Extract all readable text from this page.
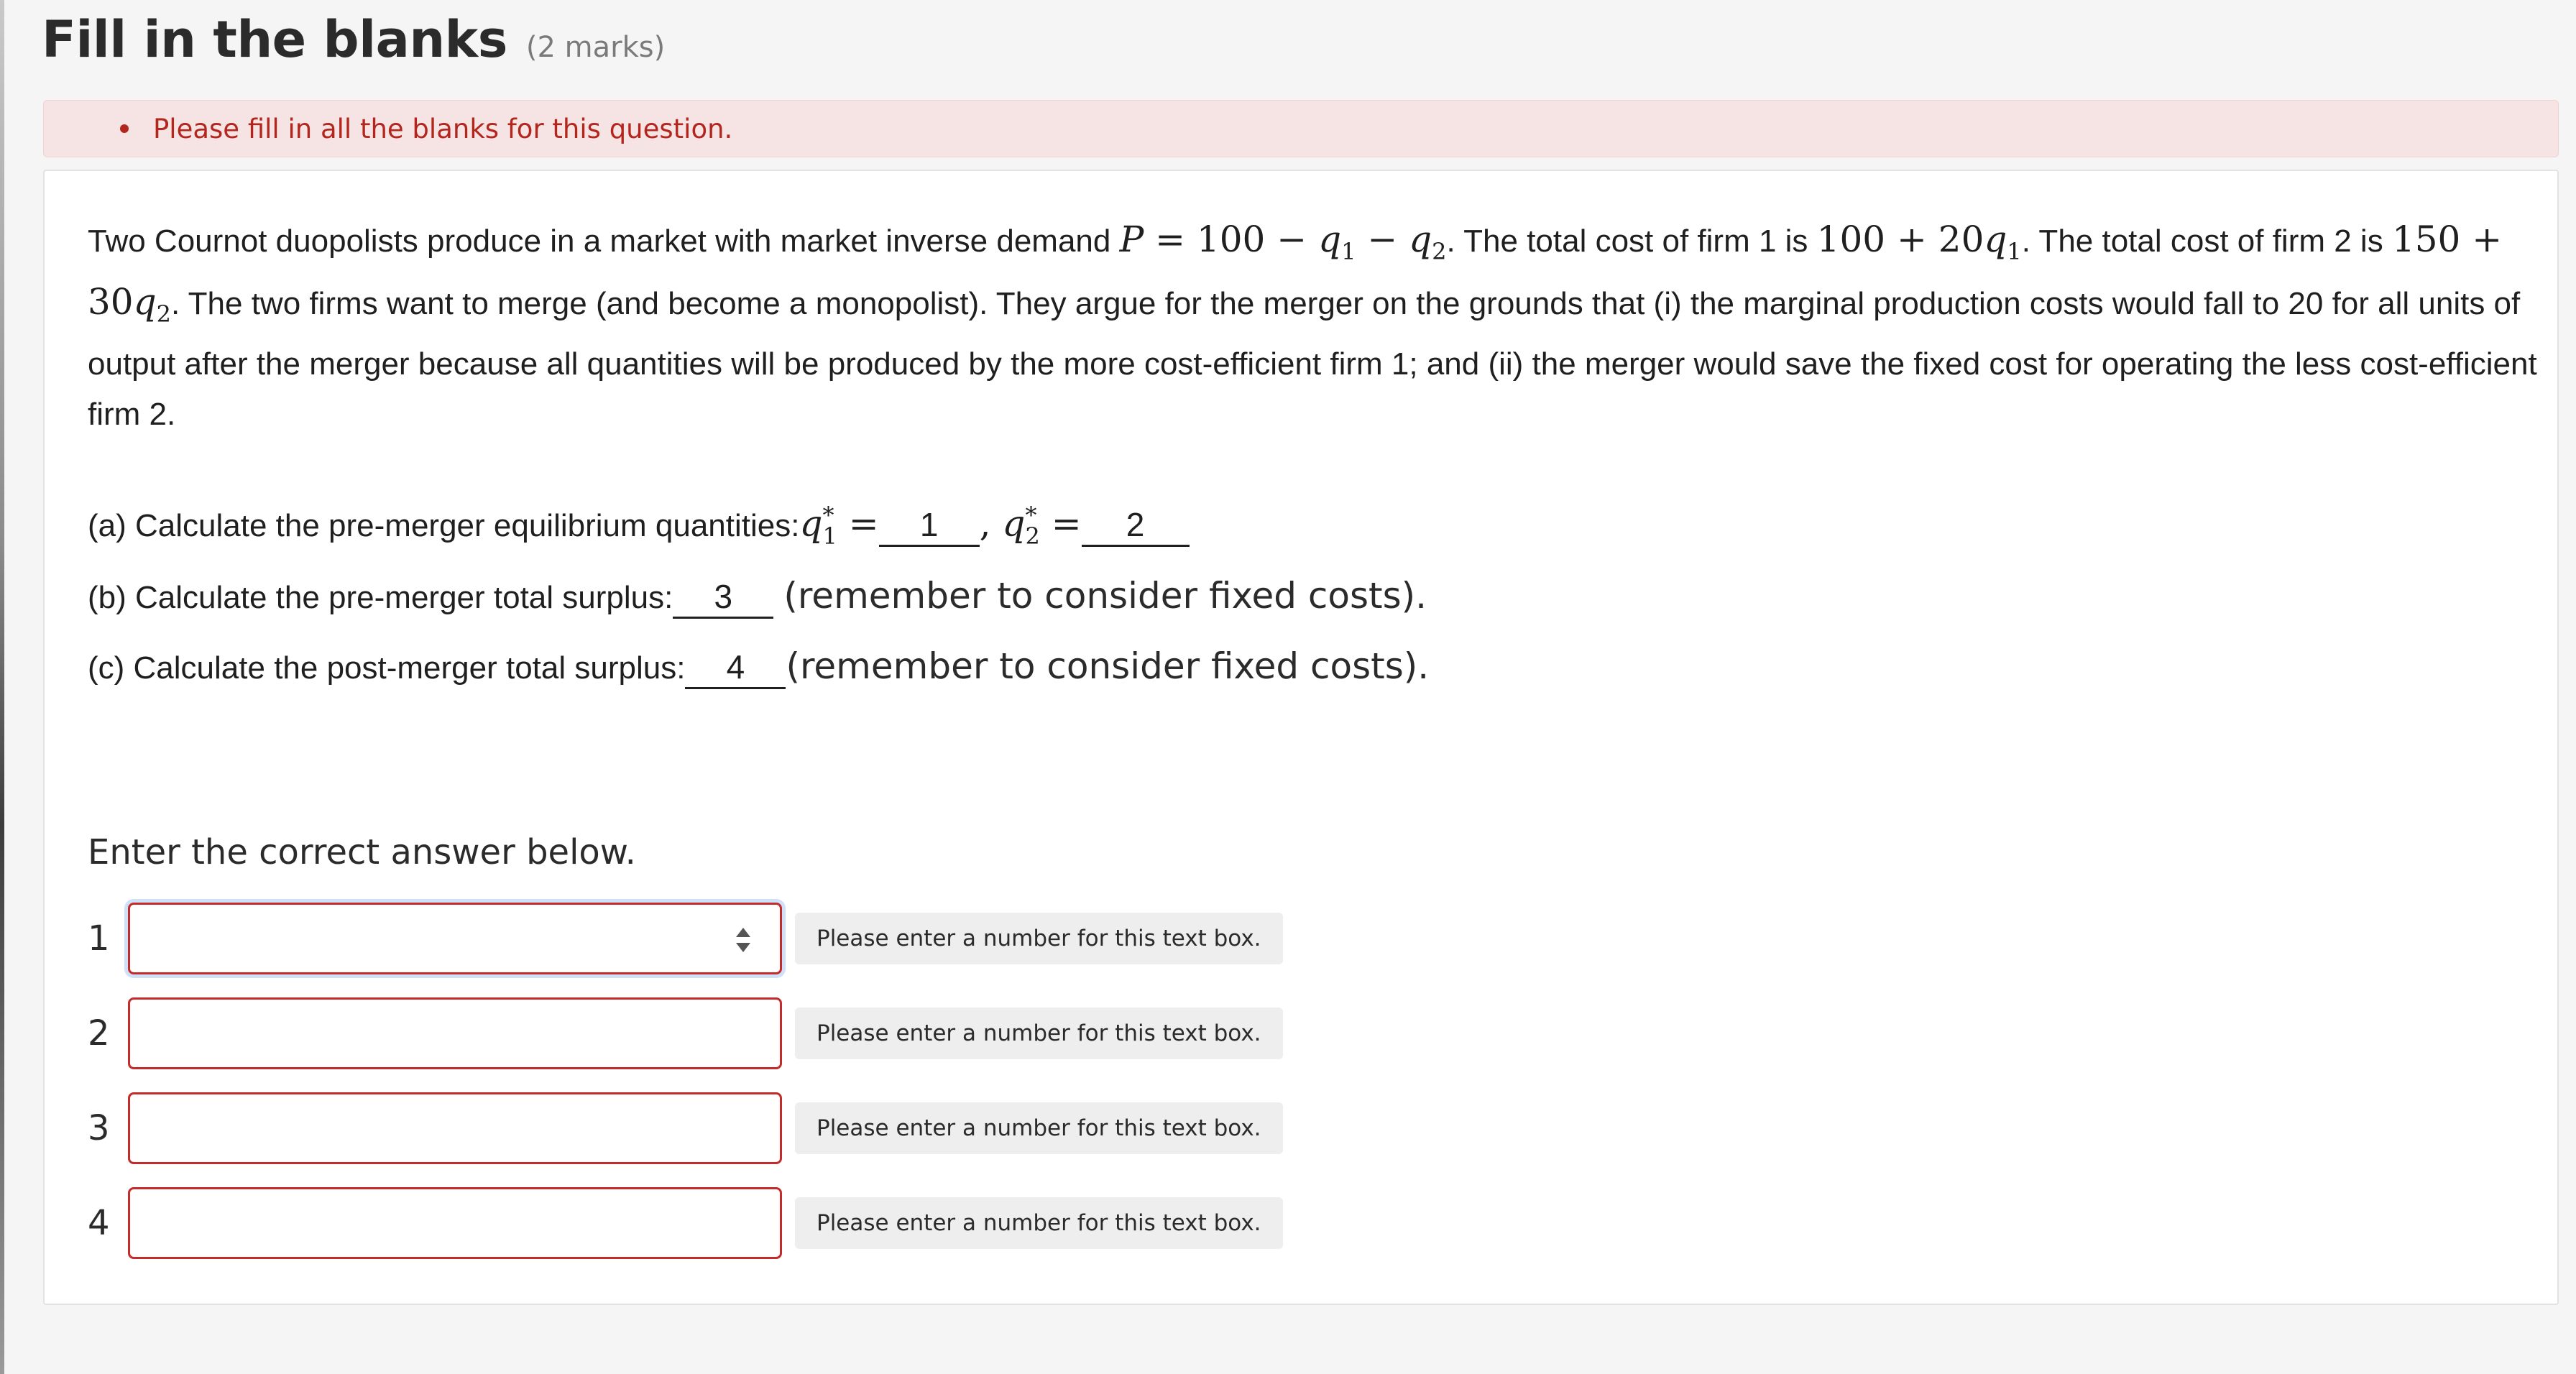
Fill in the blanks (2 marks)
Please fill in all the blanks for this question.
Two Cournot duopolists produce in a market with market inverse demand $P = 100 - q_1 - q_2$. The total cost of firm 1 is $100 + 20q_1$. The total cost of firm 2 is $150 + 30q_2$. The two firms want to merge (and become a monopolist). They argue for the merger on the grounds that (i) the marginal production costs would fall to 20 for all units of output after the merger because all quantities will be produced by the more cost-efficient firm 1; and (ii) the merger would save the fixed cost for operating the less cost-efficient firm 2.
(a) Calculate the pre-merger equilibrium quantities: $q^*_1$ =	1	, $q^*_2$ =	2
(b) Calculate the pre-merger total surplus:	3	(remember to consider fixed costs).
(c) Calculate the post-merger total surplus:	4	(remember to consider fixed costs).
Enter the correct answer below.
1	Please enter a number for this text box.
2	Please enter a number for this text box.
3	Please enter a number for this text box.
4	Please enter a number for this text box.
